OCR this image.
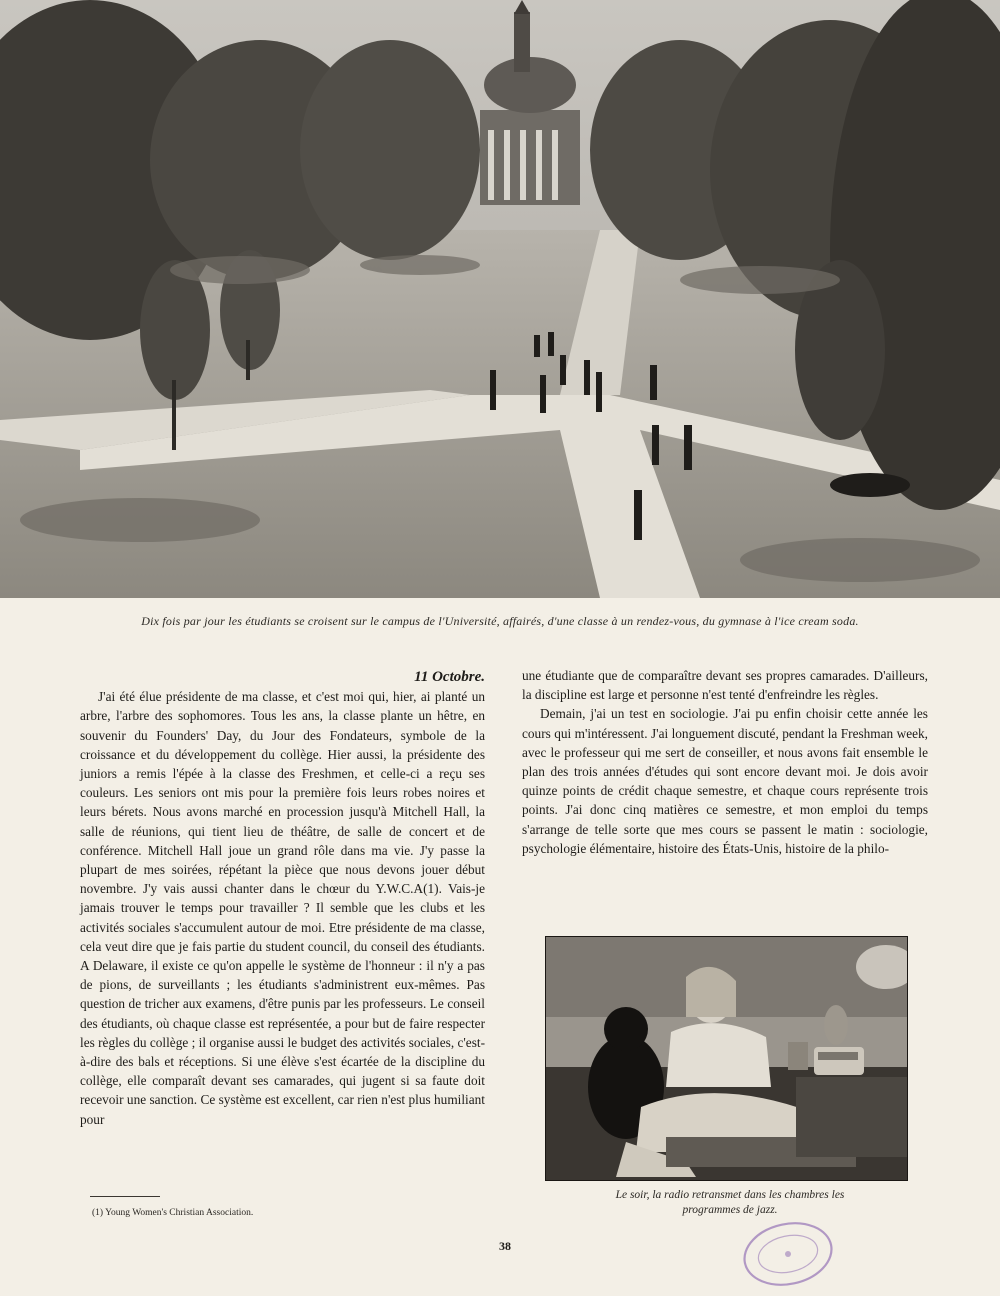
Dix fois par jour les étudiants se croisent sur le campus de l'Université, affairés, d'une classe à un rendez-vous, du gymnase à l'ice cream soda.

11 Octobre.

J'ai été élue présidente de ma classe, et c'est moi qui, hier, ai planté un arbre, l'arbre des sophomores. Tous les ans, la classe plante un hêtre, en souvenir du Founders' Day, du Jour des Fondateurs, symbole de la croissance et du développement du collège. Hier aussi, la présidente des juniors a remis l'épée à la classe des Freshmen, et celle-ci a reçu ses couleurs. Les seniors ont mis pour la première fois leurs robes noires et leurs bérets. Nous avons marché en procession jusqu'à Mitchell Hall, la salle de réunions, qui tient lieu de théâtre, de salle de concert et de conférence. Mitchell Hall joue un grand rôle dans ma vie. J'y passe la plupart de mes soirées, répétant la pièce que nous devons jouer début novembre. J'y vais aussi chanter dans le chœur du Y.W.C.A(1). Vais-je jamais trouver le temps pour travailler ? Il semble que les clubs et les activités sociales s'accumulent autour de moi. Etre présidente de ma classe, cela veut dire que je fais partie du student council, du conseil des étudiants. A Delaware, il existe ce qu'on appelle le système de l'honneur : il n'y a pas de pions, de surveillants ; les étudiants s'administrent eux-mêmes. Pas question de tricher aux examens, d'être punis par les professeurs. Le conseil des étudiants, où chaque classe est représentée, a pour but de faire respecter les règles du collège ; il organise aussi le budget des activités sociales, c'est-à-dire des bals et réceptions. Si une élève s'est écartée de la discipline du collège, elle comparaît devant ses camarades, qui jugent si sa faute doit recevoir une sanction. Ce système est excellent, car rien n'est plus humiliant pour

(1) Young Women's Christian Association.

une étudiante que de comparaître devant ses propres camarades. D'ailleurs, la discipline est large et personne n'est tenté d'enfreindre les règles.

Demain, j'ai un test en sociologie. J'ai pu enfin choisir cette année les cours qui m'intéressent. J'ai longuement discuté, pendant la Freshman week, avec le professeur qui me sert de conseiller, et nous avons fait ensemble le plan des trois années d'études qui sont encore devant moi. Je dois avoir quinze points de crédit chaque semestre, et chaque cours représente trois points. J'ai donc cinq matières ce semestre, et mon emploi du temps s'arrange de telle sorte que mes cours se passent le matin : sociologie, psychologie élémentaire, histoire des États-Unis, histoire de la philo-

Le soir, la radio retransmet dans les chambres les programmes de jazz.
38
